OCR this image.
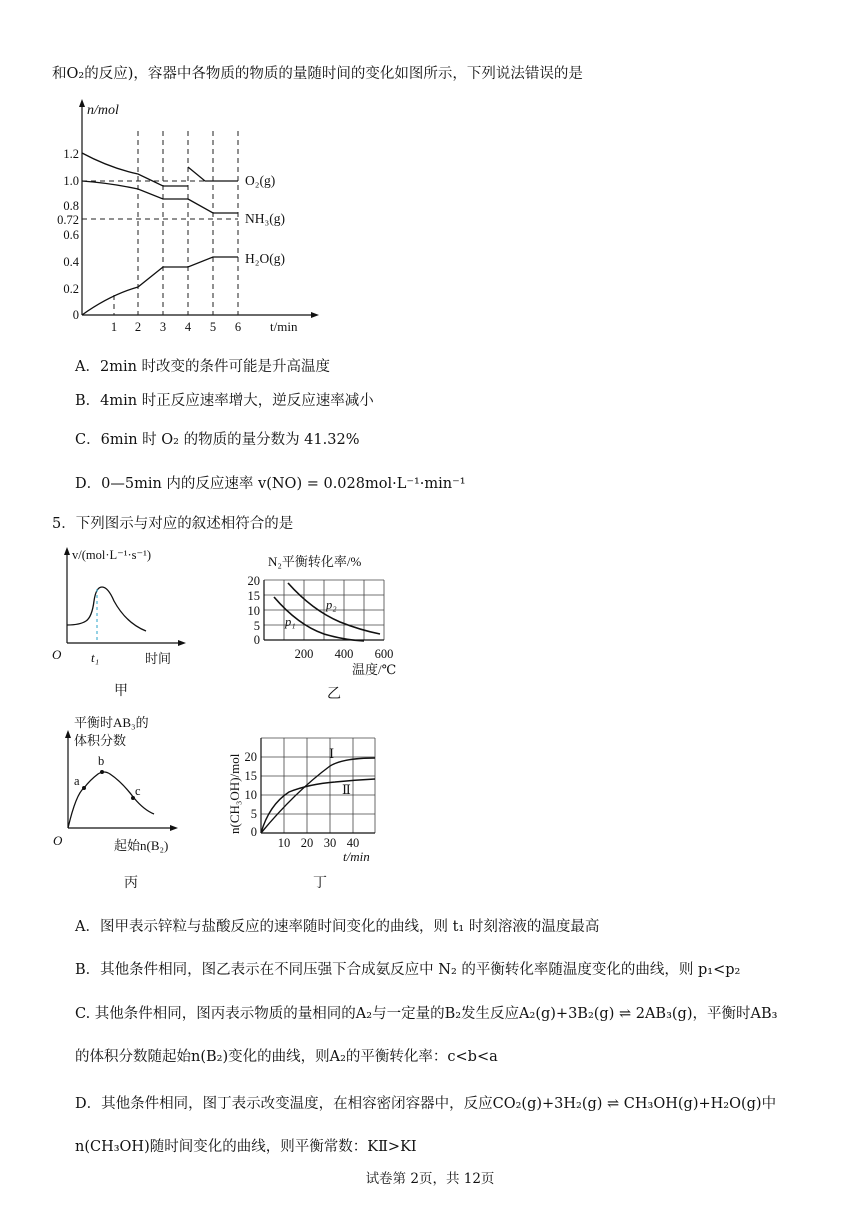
和O₂的反应)，容器中各物质的物质的量随时间的变化如图所示，下列说法错误的是
n/mol
t/min
1.2
1.0
0.8
0.72
0.6
0.4
0.2
0
1 2 3 4 5 6
O₂(g)
NH₃(g)
H₂O(g)
A．2min 时改变的条件可能是升高温度
B．4min 时正反应速率增大，逆反应速率减小
C．6min 时 O₂ 的物质的量分数为 41.32%
D．0—5min 内的反应速率 v(NO) = 0.028mol·L⁻¹·min⁻¹
5．下列图示与对应的叙述相符合的是
v/(mol·L⁻¹·s⁻¹)
O t₁	时间
甲
N₂平衡转化率/%
20
15
10
5
0
200 400 600
温度/℃
p₁
p₂
乙
平衡时AB₃的
体积分数
a
b
c
O	起始n(B₂)
丙
n(CH₃OH)/mol 20
15
10
5
0
10 20 30 40
t/min
Ⅰ
Ⅱ
丁
A．图甲表示锌粒与盐酸反应的速率随时间变化的曲线，则 t₁ 时刻溶液的温度最高
B．其他条件相同，图乙表示在不同压强下合成氨反应中 N₂ 的平衡转化率随温度变化的曲线，则 p₁<p₂
C. 其他条件相同，图丙表示物质的量相同的A₂与一定量的B₂发生反应A₂(g)+3B₂(g) ⇌ 2AB₃(g)，平衡时AB₃
的体积分数随起始n(B₂)变化的曲线，则A₂的平衡转化率：c<b<a
D．其他条件相同，图丁表示改变温度，在相容密闭容器中，反应CO₂(g)+3H₂(g) ⇌ CH₃OH(g)+H₂O(g)中
n(CH₃OH)随时间变化的曲线，则平衡常数：KⅡ>KⅠ
试卷第 2页，共 12页
